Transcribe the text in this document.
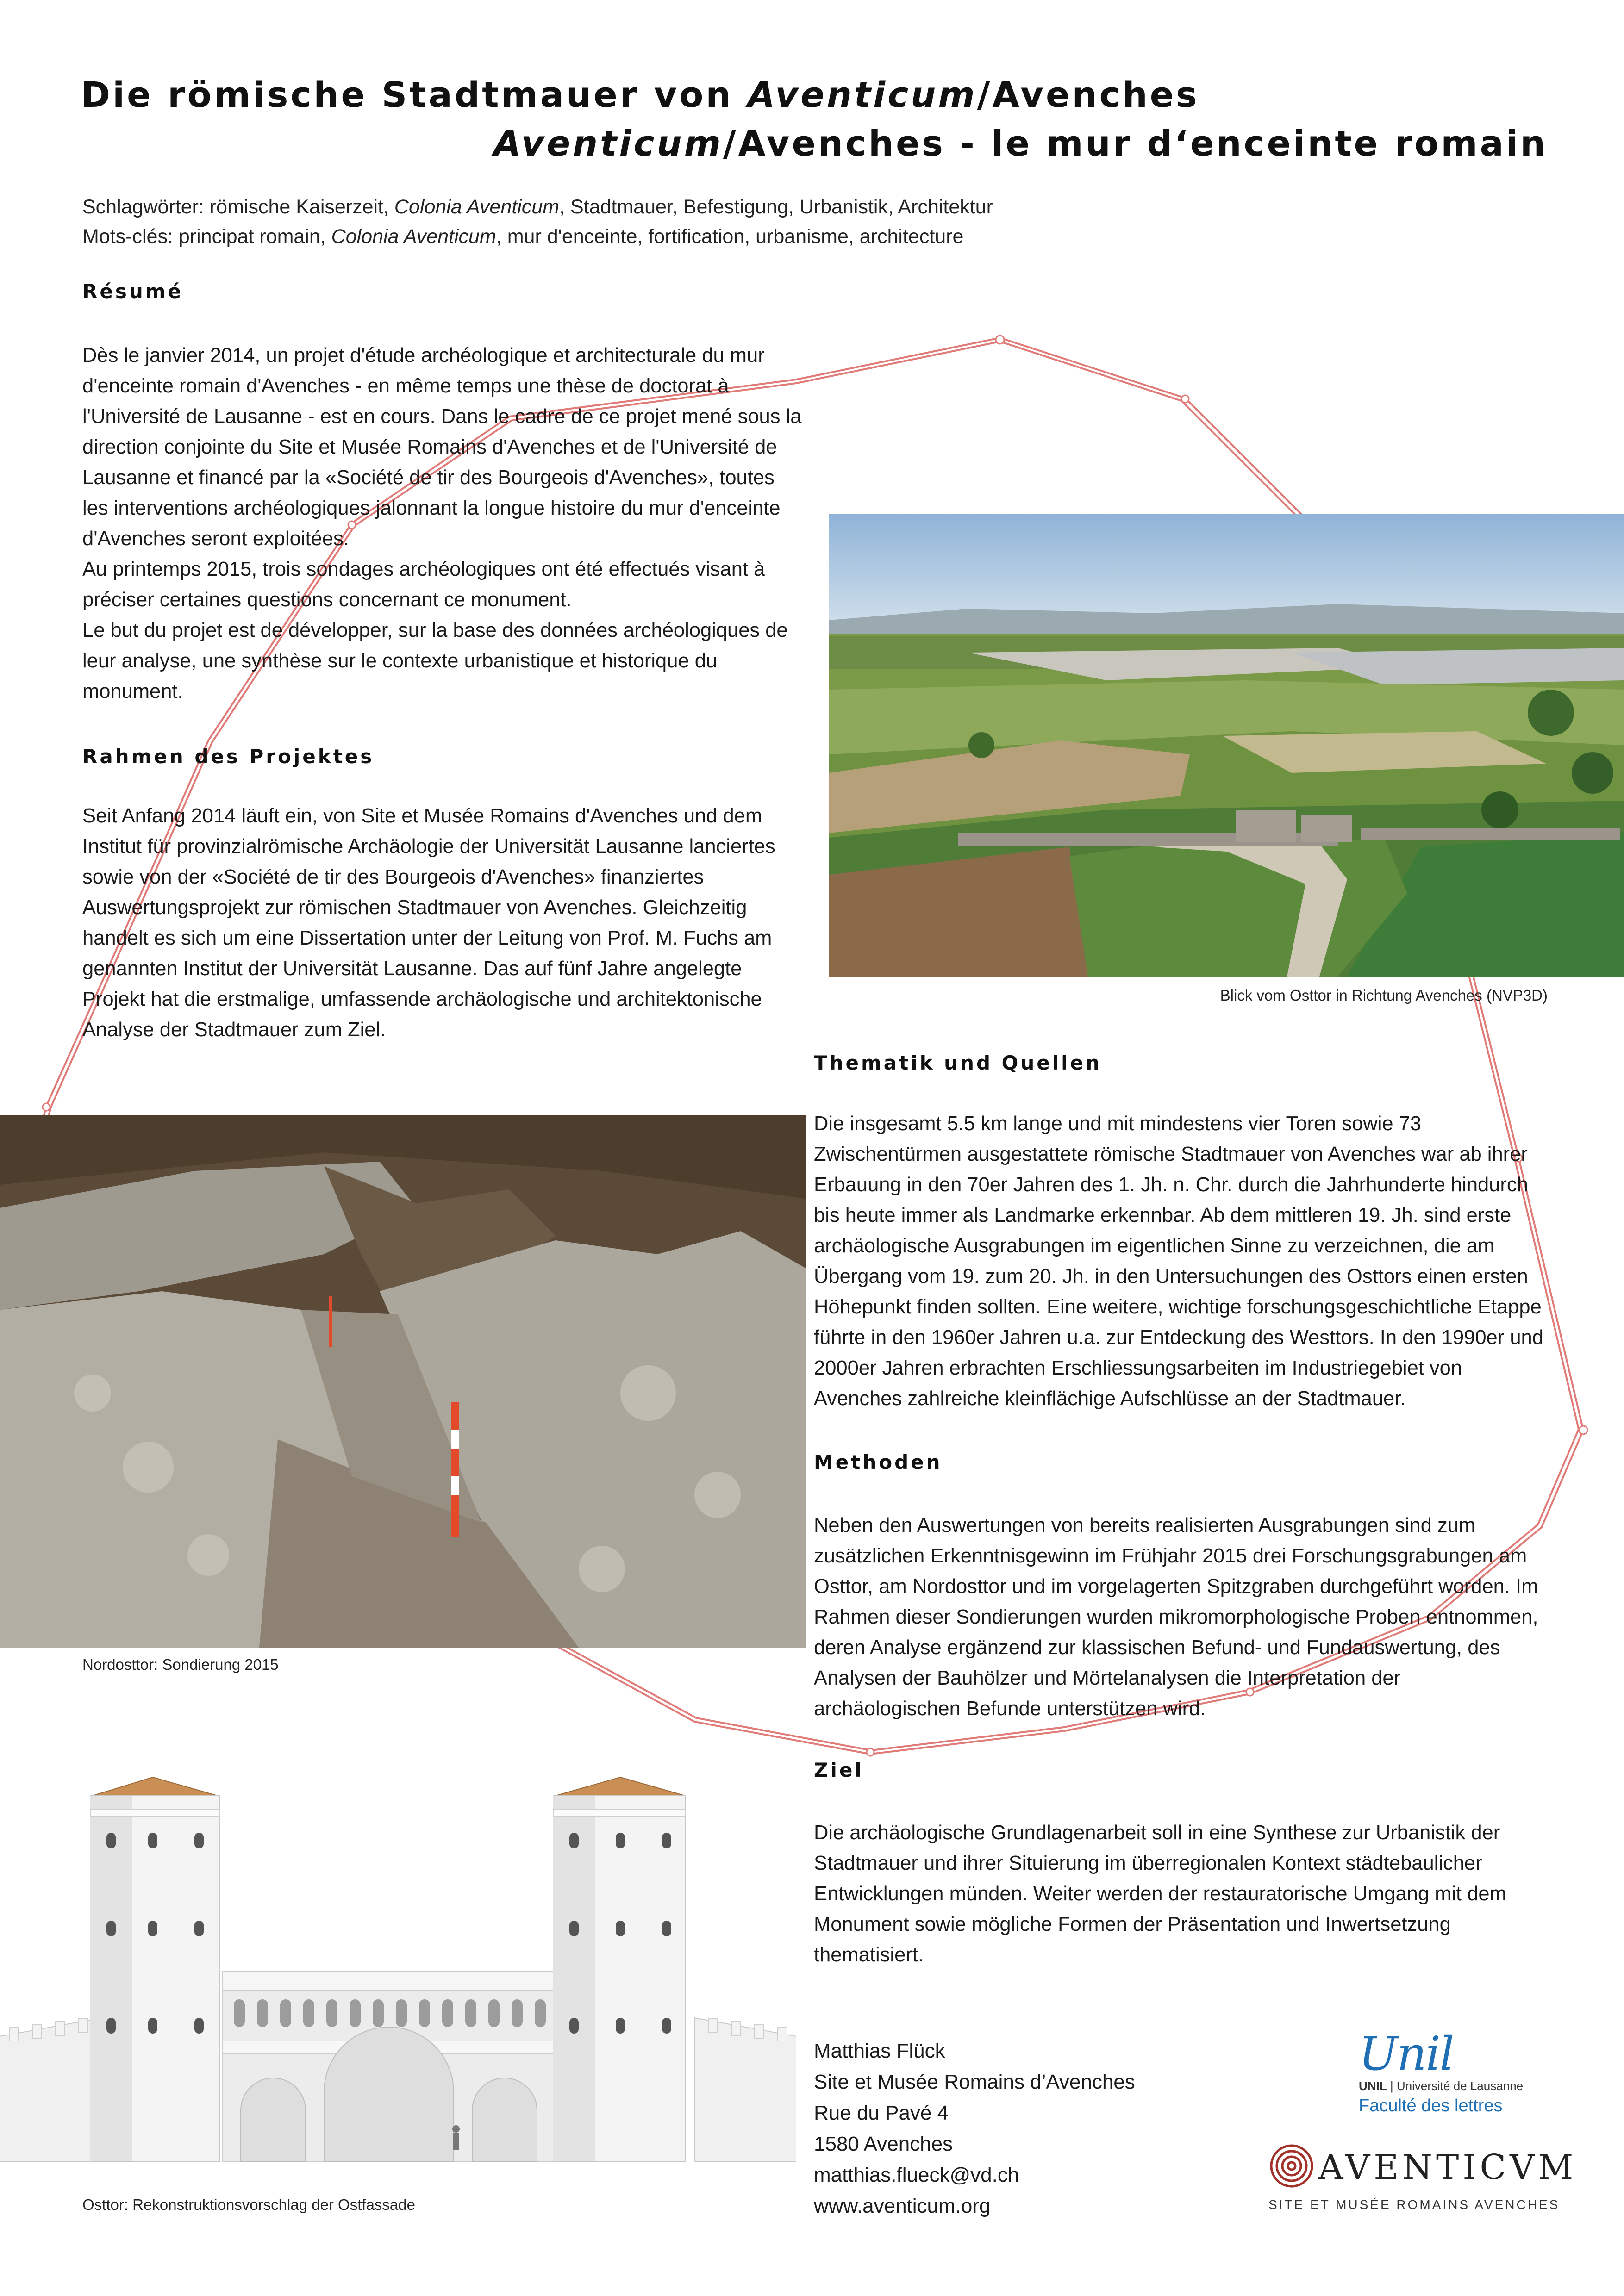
Die römische Stadtmauer von Aventicum/Avenches
Aventicum/Avenches - le mur d‘enceinte romain
Schlagwörter: römische Kaiserzeit, Colonia Aventicum, Stadtmauer, Befestigung, Urbanistik, Architektur
Mots-clés: principat romain, Colonia Aventicum, mur d'enceinte, fortification, urbanisme, architecture
Résumé

Dès le janvier 2014, un projet d'étude archéologique et architecturale du mur d'enceinte romain d'Avenches - en même temps une thèse de doctorat à l'Université de Lausanne - est en cours. Dans le cadre de ce projet mené sous la direction conjointe du Site et Musée Romains d'Avenches et de l'Université de Lausanne et financé par la «Société de tir des Bourgeois d'Avenches», toutes les interventions archéologiques jalonnant la longue histoire du mur d'enceinte d'Avenches seront exploitées.

Au printemps 2015, trois sondages archéologiques ont été effectués visant à préciser certaines questions concernant ce monument.

Le but du projet est de développer, sur la base des données archéologiques de leur analyse, une synthèse sur le contexte urbanistique et historique du monument.

Rahmen des Projektes

Seit Anfang 2014 läuft ein, von Site et Musée Romains d'Avenches und dem Institut für provinzialrömische Archäologie der Universität Lausanne lanciertes sowie von der «Société de tir des Bourgeois d'Avenches» finanziertes Auswertungsprojekt zur römischen Stadtmauer von Avenches. Gleichzeitig handelt es sich um eine Dissertation unter der Leitung von Prof. M. Fuchs am genannten Institut der Universität Lausanne. Das auf fünf Jahre angelegte Projekt hat die erstmalige, umfassende archäologische und architektonische Analyse der Stadtmauer zum Ziel.

Blick vom Osttor in Richtung Avenches (NVP3D)
Thematik und Quellen

Die insgesamt 5.5 km lange und mit mindestens vier Toren sowie 73 Zwischentürmen ausgestattete römische Stadtmauer von Avenches war ab ihrer Erbauung in den 70er Jahren des 1. Jh. n. Chr. durch die Jahrhunderte hindurch bis heute immer als Landmarke erkennbar. Ab dem mittleren 19. Jh. sind erste archäologische Ausgrabungen im eigentlichen Sinne zu verzeichnen, die am Übergang vom 19. zum 20. Jh. in den Untersuchungen des Osttors einen ersten Höhepunkt finden sollten. Eine weitere, wichtige forschungsgeschichtliche Etappe führte in den 1960er Jahren u.a. zur Entdeckung des Westtors. In den 1990er und 2000er Jahren erbrachten Erschliessungsarbeiten im Industriegebiet von Avenches zahlreiche kleinflächige Aufschlüsse an der Stadtmauer.

Nordosttor: Sondierung 2015
Methoden

Neben den Auswertungen von bereits realisierten Ausgrabungen sind zum zusätzlichen Erkenntnisgewinn im Frühjahr 2015 drei Forschungsgrabungen am Osttor, am Nordosttor und im vorgelagerten Spitzgraben durchgeführt worden. Im Rahmen dieser Sondierungen wurden mikromorphologische Proben entnommen, deren Analyse ergänzend zur klassischen Befund- und Fundauswertung, des Analysen der Bauhölzer und Mörtelanalysen die Interpretation der archäologischen Befunde unterstützen wird.

Ziel

Die archäologische Grundlagenarbeit soll in eine Synthese zur Urbanistik der Stadtmauer und ihrer Situierung im überregionalen Kontext städtebaulicher Entwicklungen münden. Weiter werden der restauratorische Umgang mit dem Monument sowie mögliche Formen der Präsentation und Inwertsetzung thematisiert.

Osttor: Rekonstruktionsvorschlag der Ostfassade
Matthias Flück
Site et Musée Romains d’Avenches
Rue du Pavé 4
1580 Avenches
matthias.flueck@vd.ch
www.aventicum.org
Unil
UNIL | Université de Lausanne
Faculté des lettres
AVENTICVM
SITE ET MUSÉE ROMAINS AVENCHES
